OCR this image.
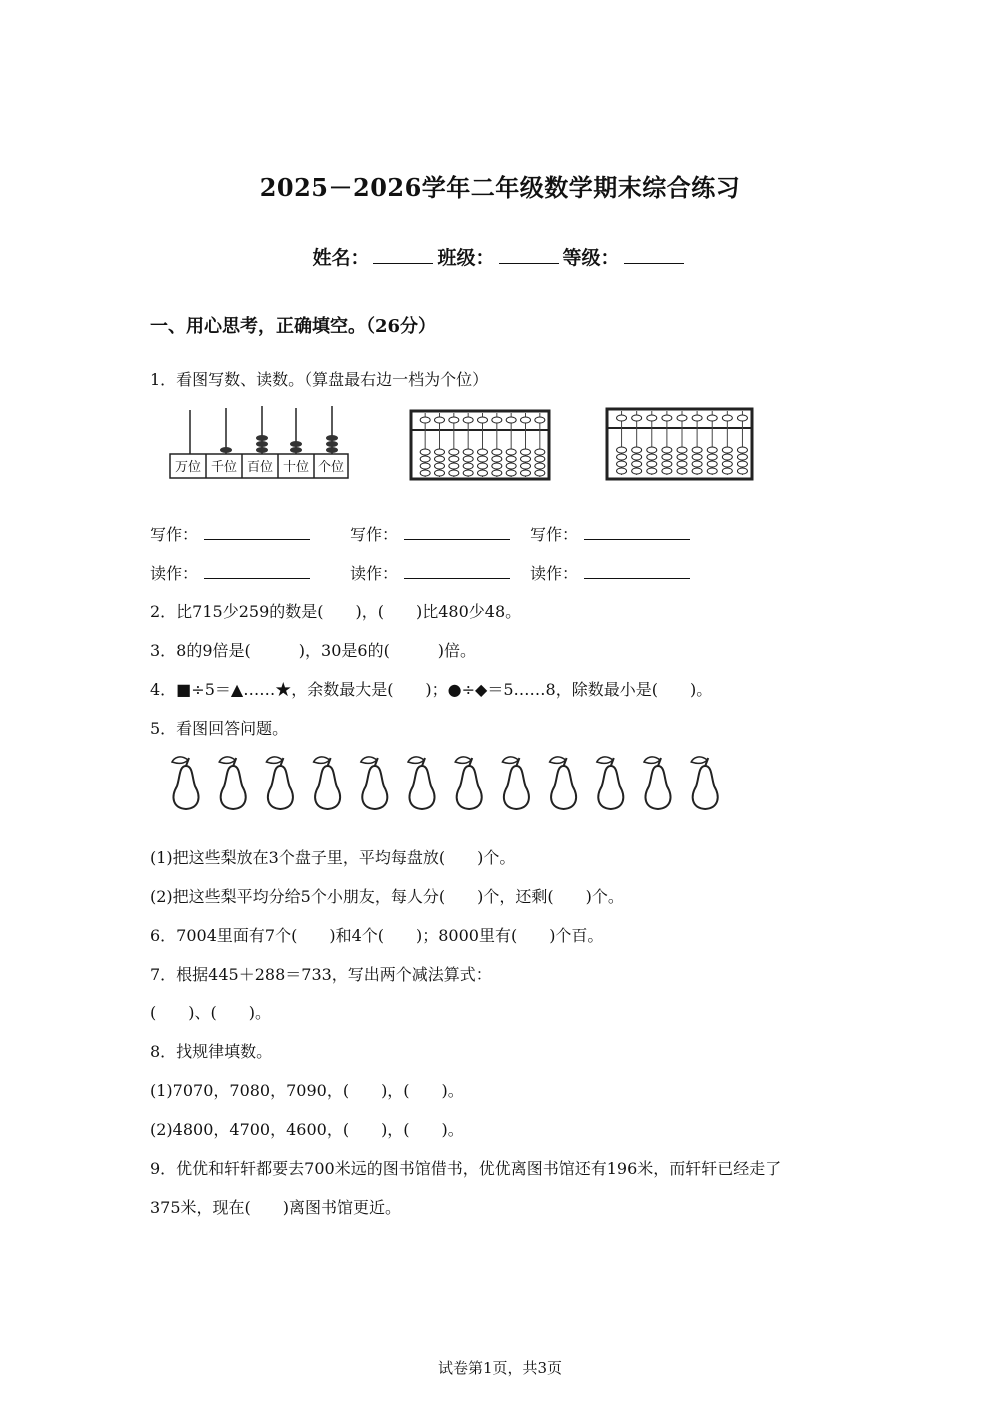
2025－2026学年二年级数学期末综合练习
姓名：	班级：	等级：
一、用心思考，正确填空。（26分）
1．看图写数、读数。（算盘最右边一档为个位）
万位 千位 百位 十位 个位
写作：	写作：	写作：
读作：	读作：	读作：
2．比715少259的数是(　　)，(　　)比480少48。
3．8的9倍是(　　　)，30是6的(　　　)倍。
4．■÷5＝▲……★，余数最大是(　　)；●÷◆＝5……8，除数最小是(　　)。
5．看图回答问题。
(1)把这些梨放在3个盘子里，平均每盘放(　　)个。
(2)把这些梨平均分给5个小朋友，每人分(　　)个，还剩(　　)个。
6．7004里面有7个(　　)和4个(　　)；8000里有(　　)个百。
7．根据445＋288＝733，写出两个减法算式：
(　　)、(　　)。
8．找规律填数。
(1)7070，7080，7090，(　　)，(　　)。
(2)4800，4700，4600，(　　)，(　　)。
9．优优和轩轩都要去700米远的图书馆借书，优优离图书馆还有196米，而轩轩已经走了
375米，现在(　　)离图书馆更近。
试卷第1页，共3页
